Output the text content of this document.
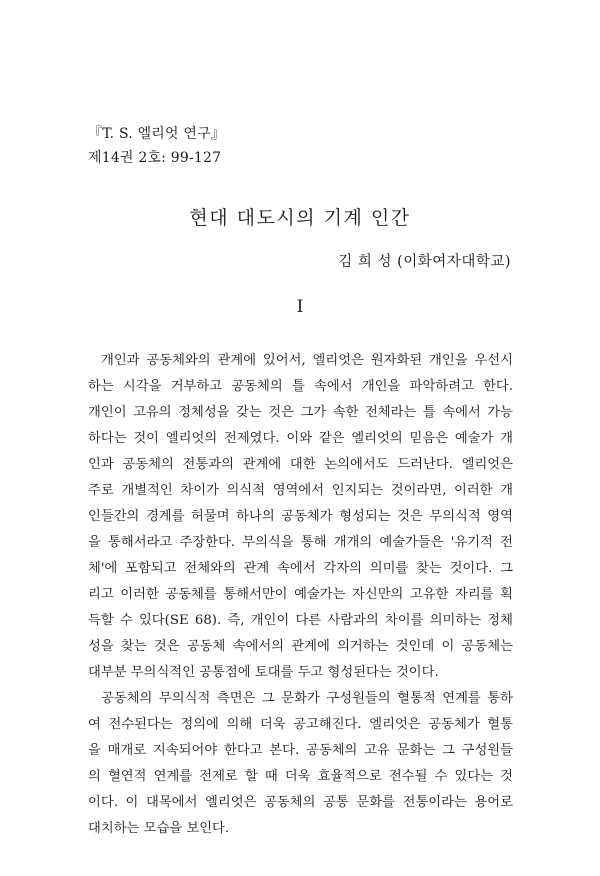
『T. S. 엘리엇 연구』
제14권 2호: 99-127
현대 대도시의 기계 인간
김 희 성 (이화여자대학교)
I
개인과 공동체와의 관계에 있어서, 엘리엇은 원자화된 개인을 우선시
하는 시각을 거부하고 공동체의 틀 속에서 개인을 파악하려고 한다.
개인이 고유의 정체성을 갖는 것은 그가 속한 전체라는 틀 속에서 가능
하다는 것이 엘리엇의 전제였다. 이와 같은 엘리엇의 믿음은 예술가 개
인과 공동체의 전통과의 관계에 대한 논의에서도 드러난다. 엘리엇은
주로 개별적인 차이가 의식적 영역에서 인지되는 것이라면, 이러한 개
인들간의 경계를 허물며 하나의 공동체가 형성되는 것은 무의식적 영역
을 통해서라고 주장한다. 무의식을 통해 개개의 예술가들은 '유기적 전
체'에 포함되고 전체와의 관계 속에서 각자의 의미를 찾는 것이다. 그
리고 이러한 공동체를 통해서만이 예술가는 자신만의 고유한 자리를 획
득할 수 있다(SE 68). 즉, 개인이 다른 사람과의 차이를 의미하는 정체
성을 찾는 것은 공동체 속에서의 관계에 의거하는 것인데 이 공동체는
대부분 무의식적인 공통점에 토대를 두고 형성된다는 것이다.
공동체의 무의식적 측면은 그 문화가 구성원들의 혈통적 연계를 통하
여 전수된다는 정의에 의해 더욱 공고해진다. 엘리엇은 공동체가 혈통
을 매개로 지속되어야 한다고 본다. 공동체의 고유 문화는 그 구성원들
의 혈연적 연계를 전제로 할 때 더욱 효율적으로 전수될 수 있다는 것
이다. 이 대목에서 엘리엇은 공동체의 공통 문화를 전통이라는 용어로
대치하는 모습을 보인다.
